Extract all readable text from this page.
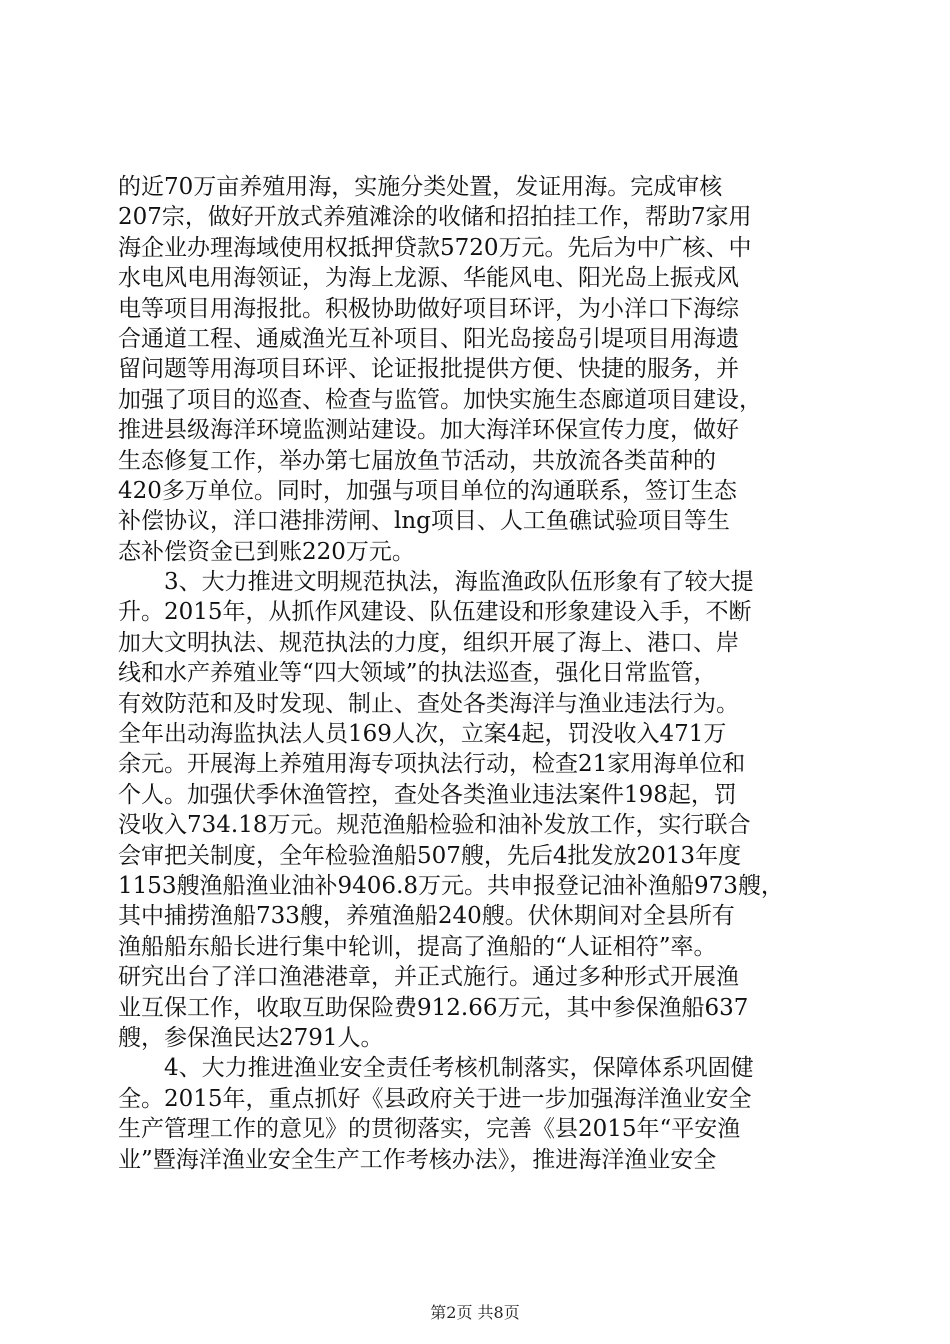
的近70万亩养殖用海，实施分类处置，发证用海。完成审核
207宗，做好开放式养殖滩涂的收储和招拍挂工作，帮助7家用
海企业办理海域使用权抵押贷款5720万元。先后为中广核、中
水电风电用海领证，为海上龙源、华能风电、阳光岛上振戎风
电等项目用海报批。积极协助做好项目环评，为小洋口下海综
合通道工程、通威渔光互补项目、阳光岛接岛引堤项目用海遗
留问题等用海项目环评、论证报批提供方便、快捷的服务，并
加强了项目的巡查、检查与监管。加快实施生态廊道项目建设，
推进县级海洋环境监测站建设。加大海洋环保宣传力度，做好
生态修复工作，举办第七届放鱼节活动，共放流各类苗种的
420多万单位。同时，加强与项目单位的沟通联系，签订生态
补偿协议，洋口港排涝闸、lng项目、人工鱼礁试验项目等生
态补偿资金已到账220万元。
　　3、大力推进文明规范执法，海监渔政队伍形象有了较大提
升。2015年，从抓作风建设、队伍建设和形象建设入手，不断
加大文明执法、规范执法的力度，组织开展了海上、港口、岸
线和水产养殖业等“四大领域”的执法巡查，强化日常监管，
有效防范和及时发现、制止、查处各类海洋与渔业违法行为。
全年出动海监执法人员169人次，立案4起，罚没收入471万
余元。开展海上养殖用海专项执法行动，检查21家用海单位和
个人。加强伏季休渔管控，查处各类渔业违法案件198起，罚
没收入734.18万元。规范渔船检验和油补发放工作，实行联合
会审把关制度，全年检验渔船507艘，先后4批发放2013年度
1153艘渔船渔业油补9406.8万元。共申报登记油补渔船973艘，
其中捕捞渔船733艘，养殖渔船240艘。伏休期间对全县所有
渔船船东船长进行集中轮训，提高了渔船的“人证相符”率。
研究出台了洋口渔港港章，并正式施行。通过多种形式开展渔
业互保工作，收取互助保险费912.66万元，其中参保渔船637
艘，参保渔民达2791人。
　　4、大力推进渔业安全责任考核机制落实，保障体系巩固健
全。2015年，重点抓好《县政府关于进一步加强海洋渔业安全
生产管理工作的意见》的贯彻落实，完善《县2015年“平安渔
业”暨海洋渔业安全生产工作考核办法》，推进海洋渔业安全
第2页 共8页
